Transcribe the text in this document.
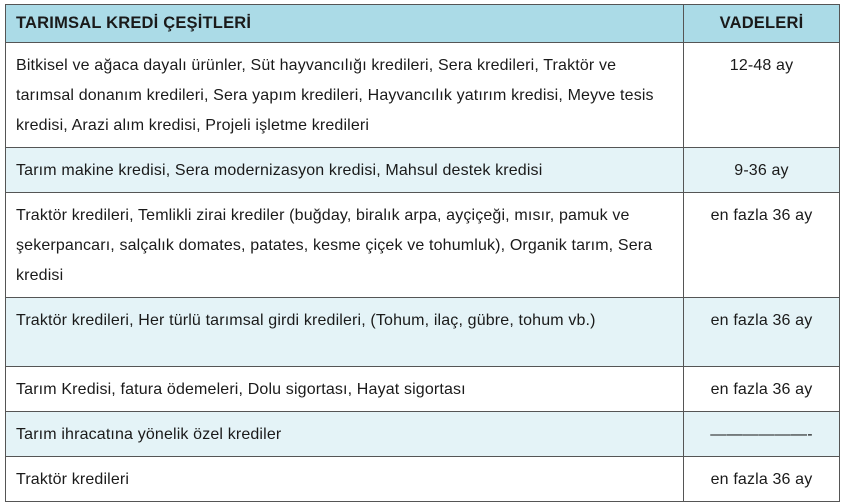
TARIMSAL KREDİ ÇEŞİTLERİ	VADELERİ
Bitkisel ve ağaca dayalı ürünler, Süt hayvancılığı kredileri, Sera kredileri, Traktör ve tarımsal donanım kredileri, Sera yapım kredileri, Hayvancılık yatırım kredisi, Meyve tesis kredisi, Arazi alım kredisi, Projeli işletme kredileri	12-48 ay
Tarım makine kredisi, Sera modernizasyon kredisi, Mahsul destek kredisi	9-36 ay
Traktör kredileri, Temlikli zirai krediler (buğday, biralık arpa, ayçiçeği, mısır, pamuk ve şekerpancarı, salçalık domates, patates, kesme çiçek ve tohumluk), Organik tarım, Sera kredisi	en fazla 36 ay
Traktör kredileri, Her türlü tarımsal girdi kredileri, (Tohum, ilaç, gübre, tohum vb.)	en fazla 36 ay
Tarım Kredisi, fatura ödemeleri, Dolu sigortası, Hayat sigortası	en fazla 36 ay
Tarım ihracatına yönelik özel krediler	——————-
Traktör kredileri	en fazla 36 ay
